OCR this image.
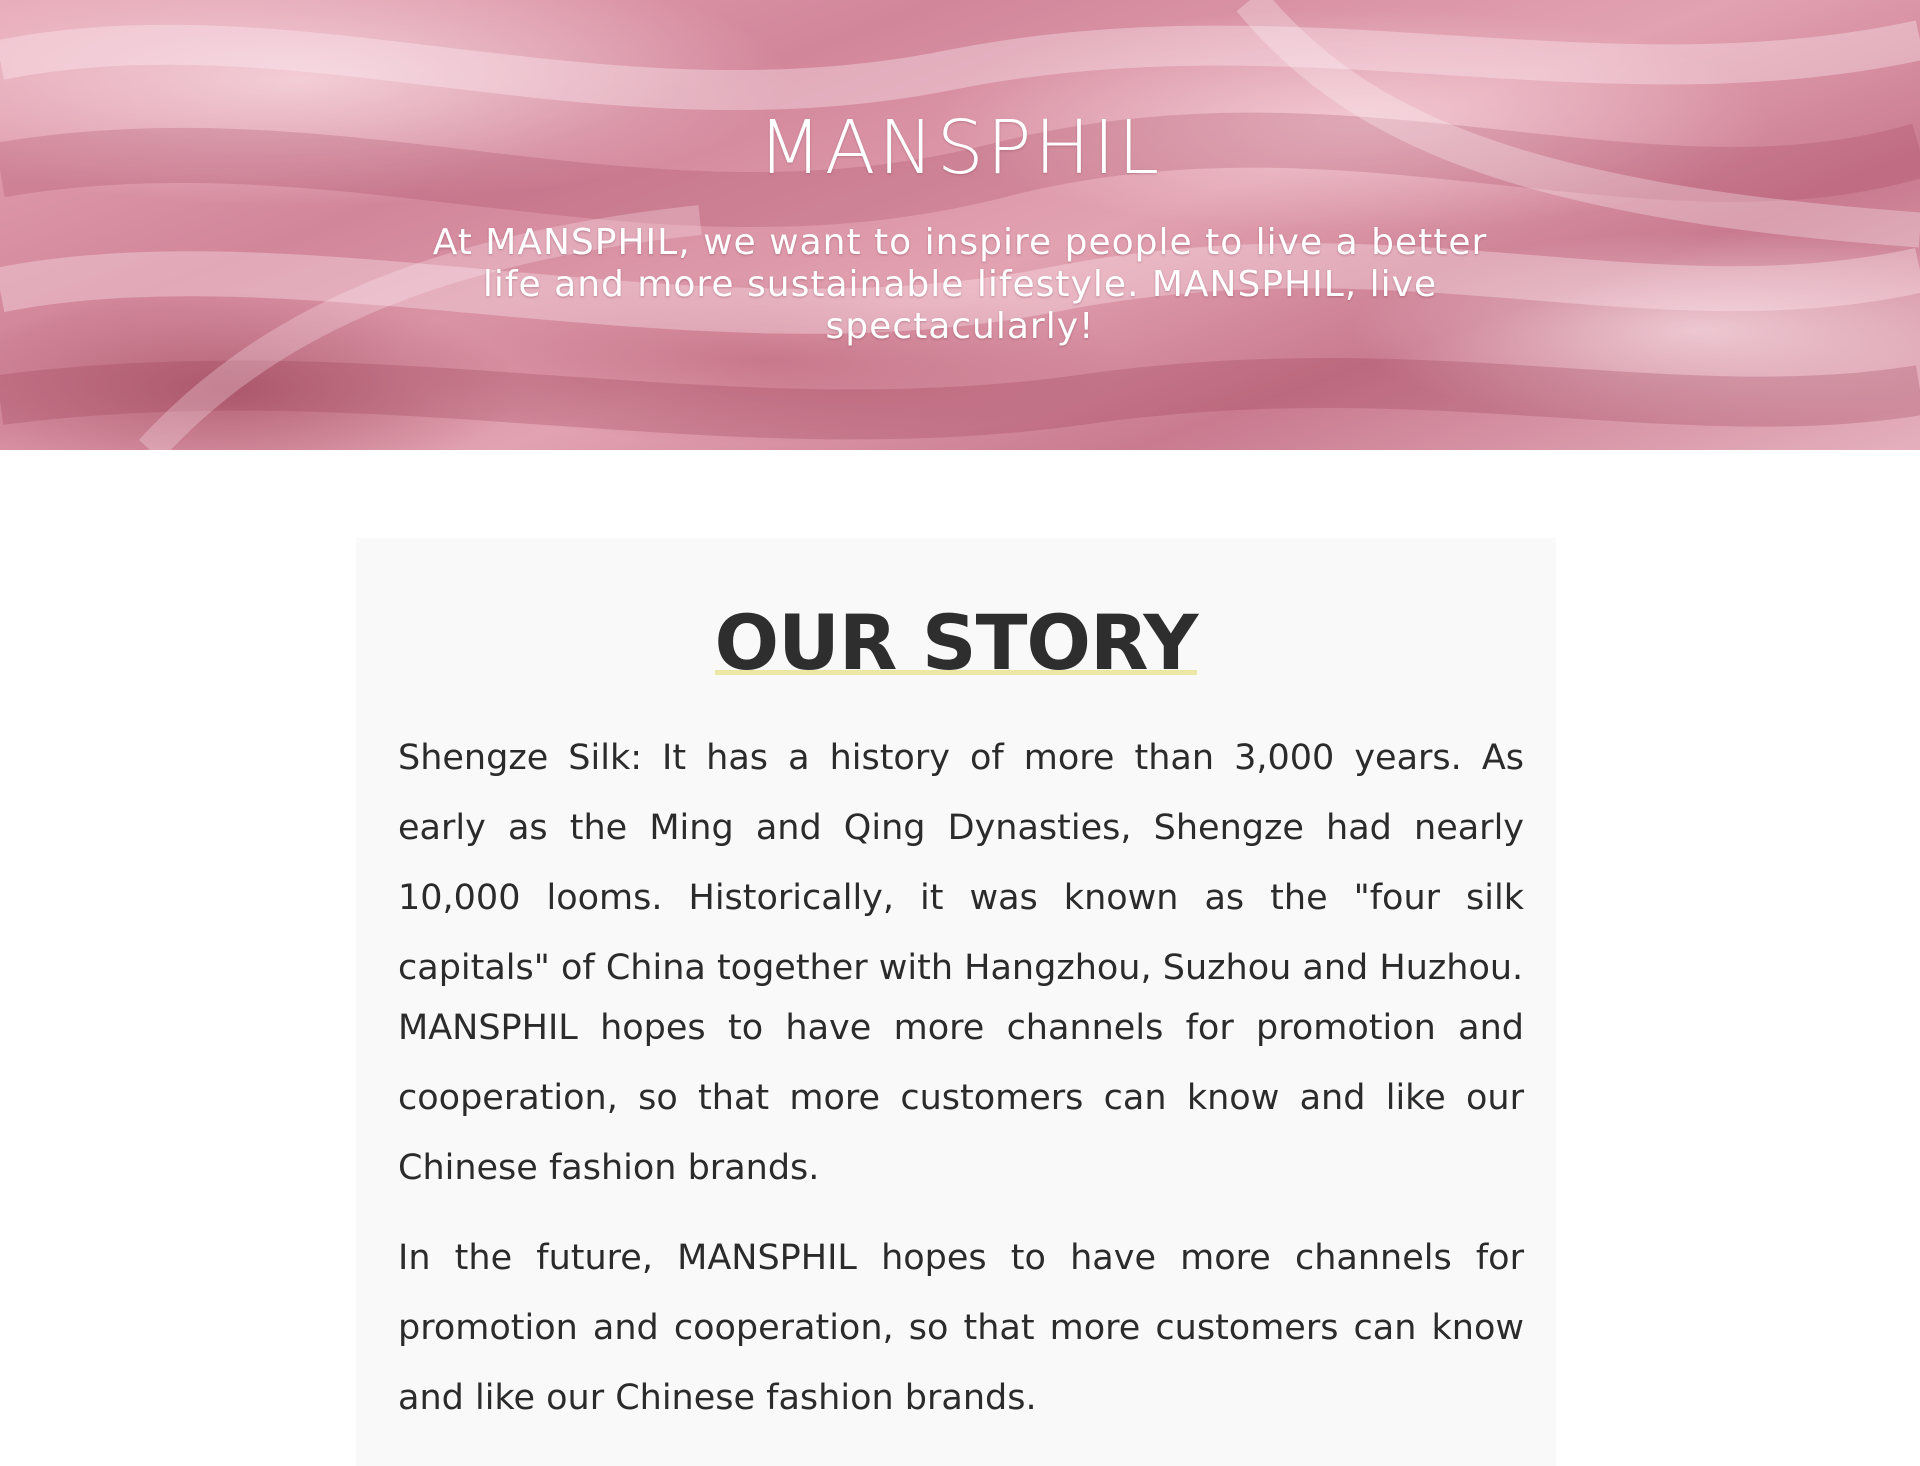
MANSPHIL

At MANSPHIL, we want to inspire people to live a better life and more sustainable lifestyle. MANSPHIL, live spectacularly!

OUR STORY

Shengze Silk: It has a history of more than 3,000 years. As early as the Ming and Qing Dynasties, Shengze had nearly 10,000 looms. Historically, it was known as the "four silk capitals" of China together with Hangzhou, Suzhou and Huzhou.

MANSPHIL hopes to have more channels for promotion and cooperation, so that more customers can know and like our Chinese fashion brands.

In the future, MANSPHIL hopes to have more channels for promotion and cooperation, so that more customers can know and like our Chinese fashion brands.
